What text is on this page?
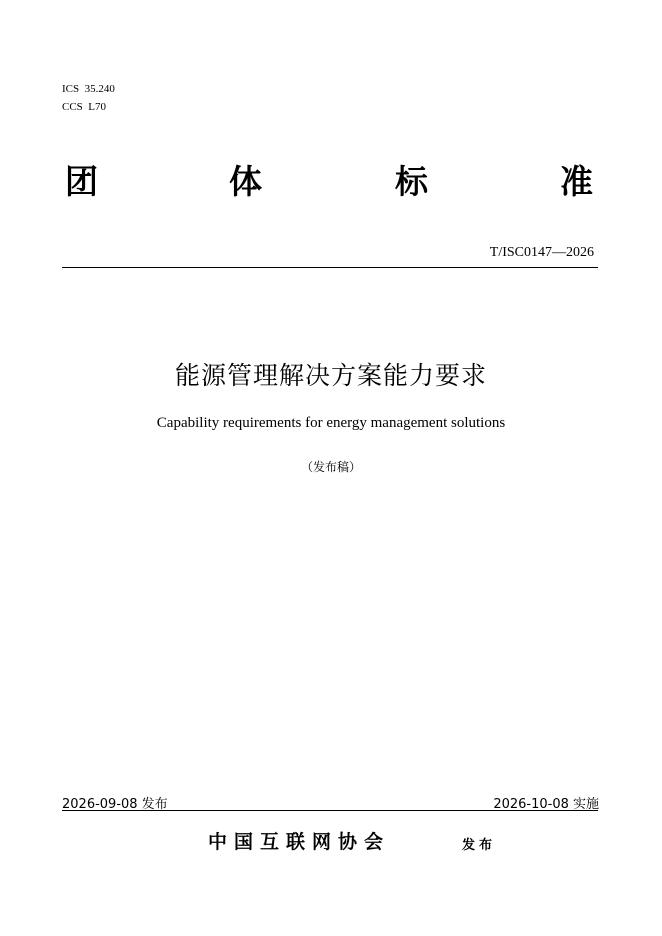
ICS  35.240
CCS  L70
团	体	标	准
T/ISC0147—2026
能源管理解决方案能力要求
Capability requirements for energy management solutions
（发布稿）
2026-09-08 发布	2026-10-08 实施
中国互联网协会	发布
